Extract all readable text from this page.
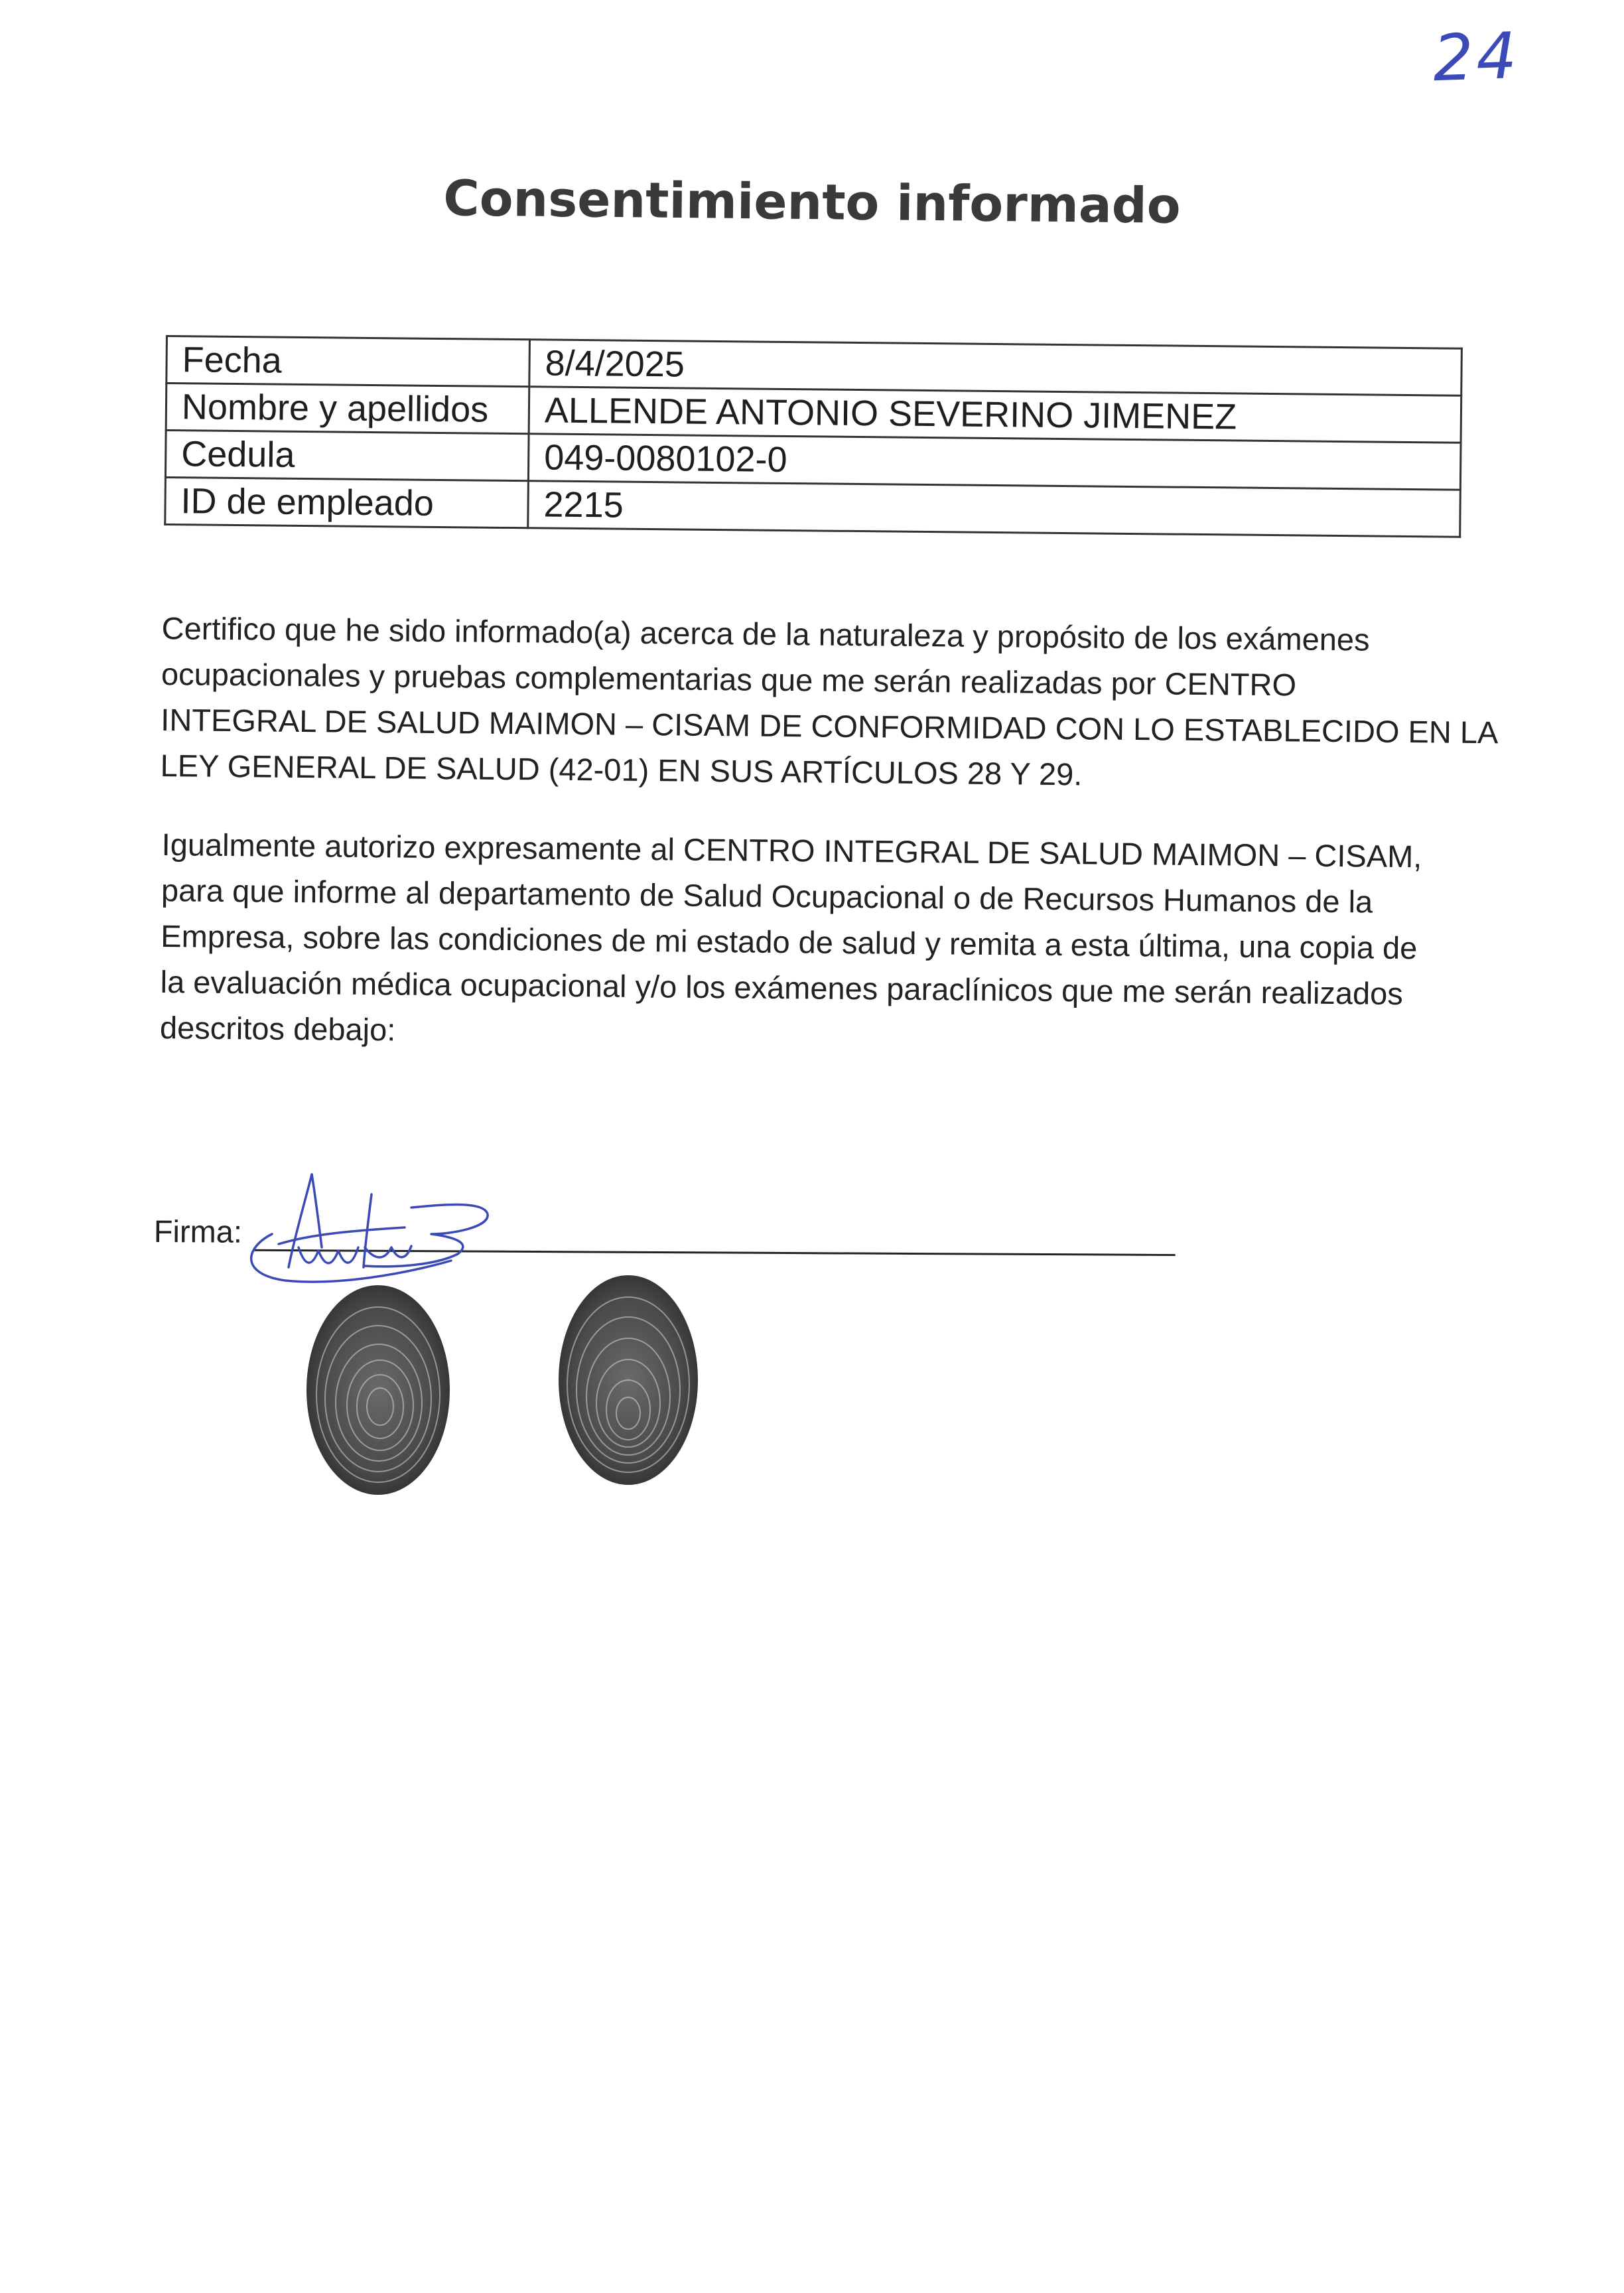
24
Consentimiento informado
Fecha	8/4/2025
Nombre y apellidos	ALLENDE ANTONIO SEVERINO JIMENEZ
Cedula	049-0080102-0
ID de empleado	2215
Certifico que he sido informado(a) acerca de la naturaleza y propósito de los exámenes
ocupacionales y pruebas complementarias que me serán realizadas por CENTRO
INTEGRAL DE SALUD MAIMON – CISAM DE CONFORMIDAD CON LO ESTABLECIDO EN LA
LEY GENERAL DE SALUD (42-01) EN SUS ARTÍCULOS 28 Y 29.
Igualmente autorizo expresamente al CENTRO INTEGRAL DE SALUD MAIMON – CISAM,
para que informe al departamento de Salud Ocupacional o de Recursos Humanos de la
Empresa, sobre las condiciones de mi estado de salud y remita a esta última, una copia de
la evaluación médica ocupacional y/o los exámenes paraclínicos que me serán realizados
descritos debajo:
Firma:
